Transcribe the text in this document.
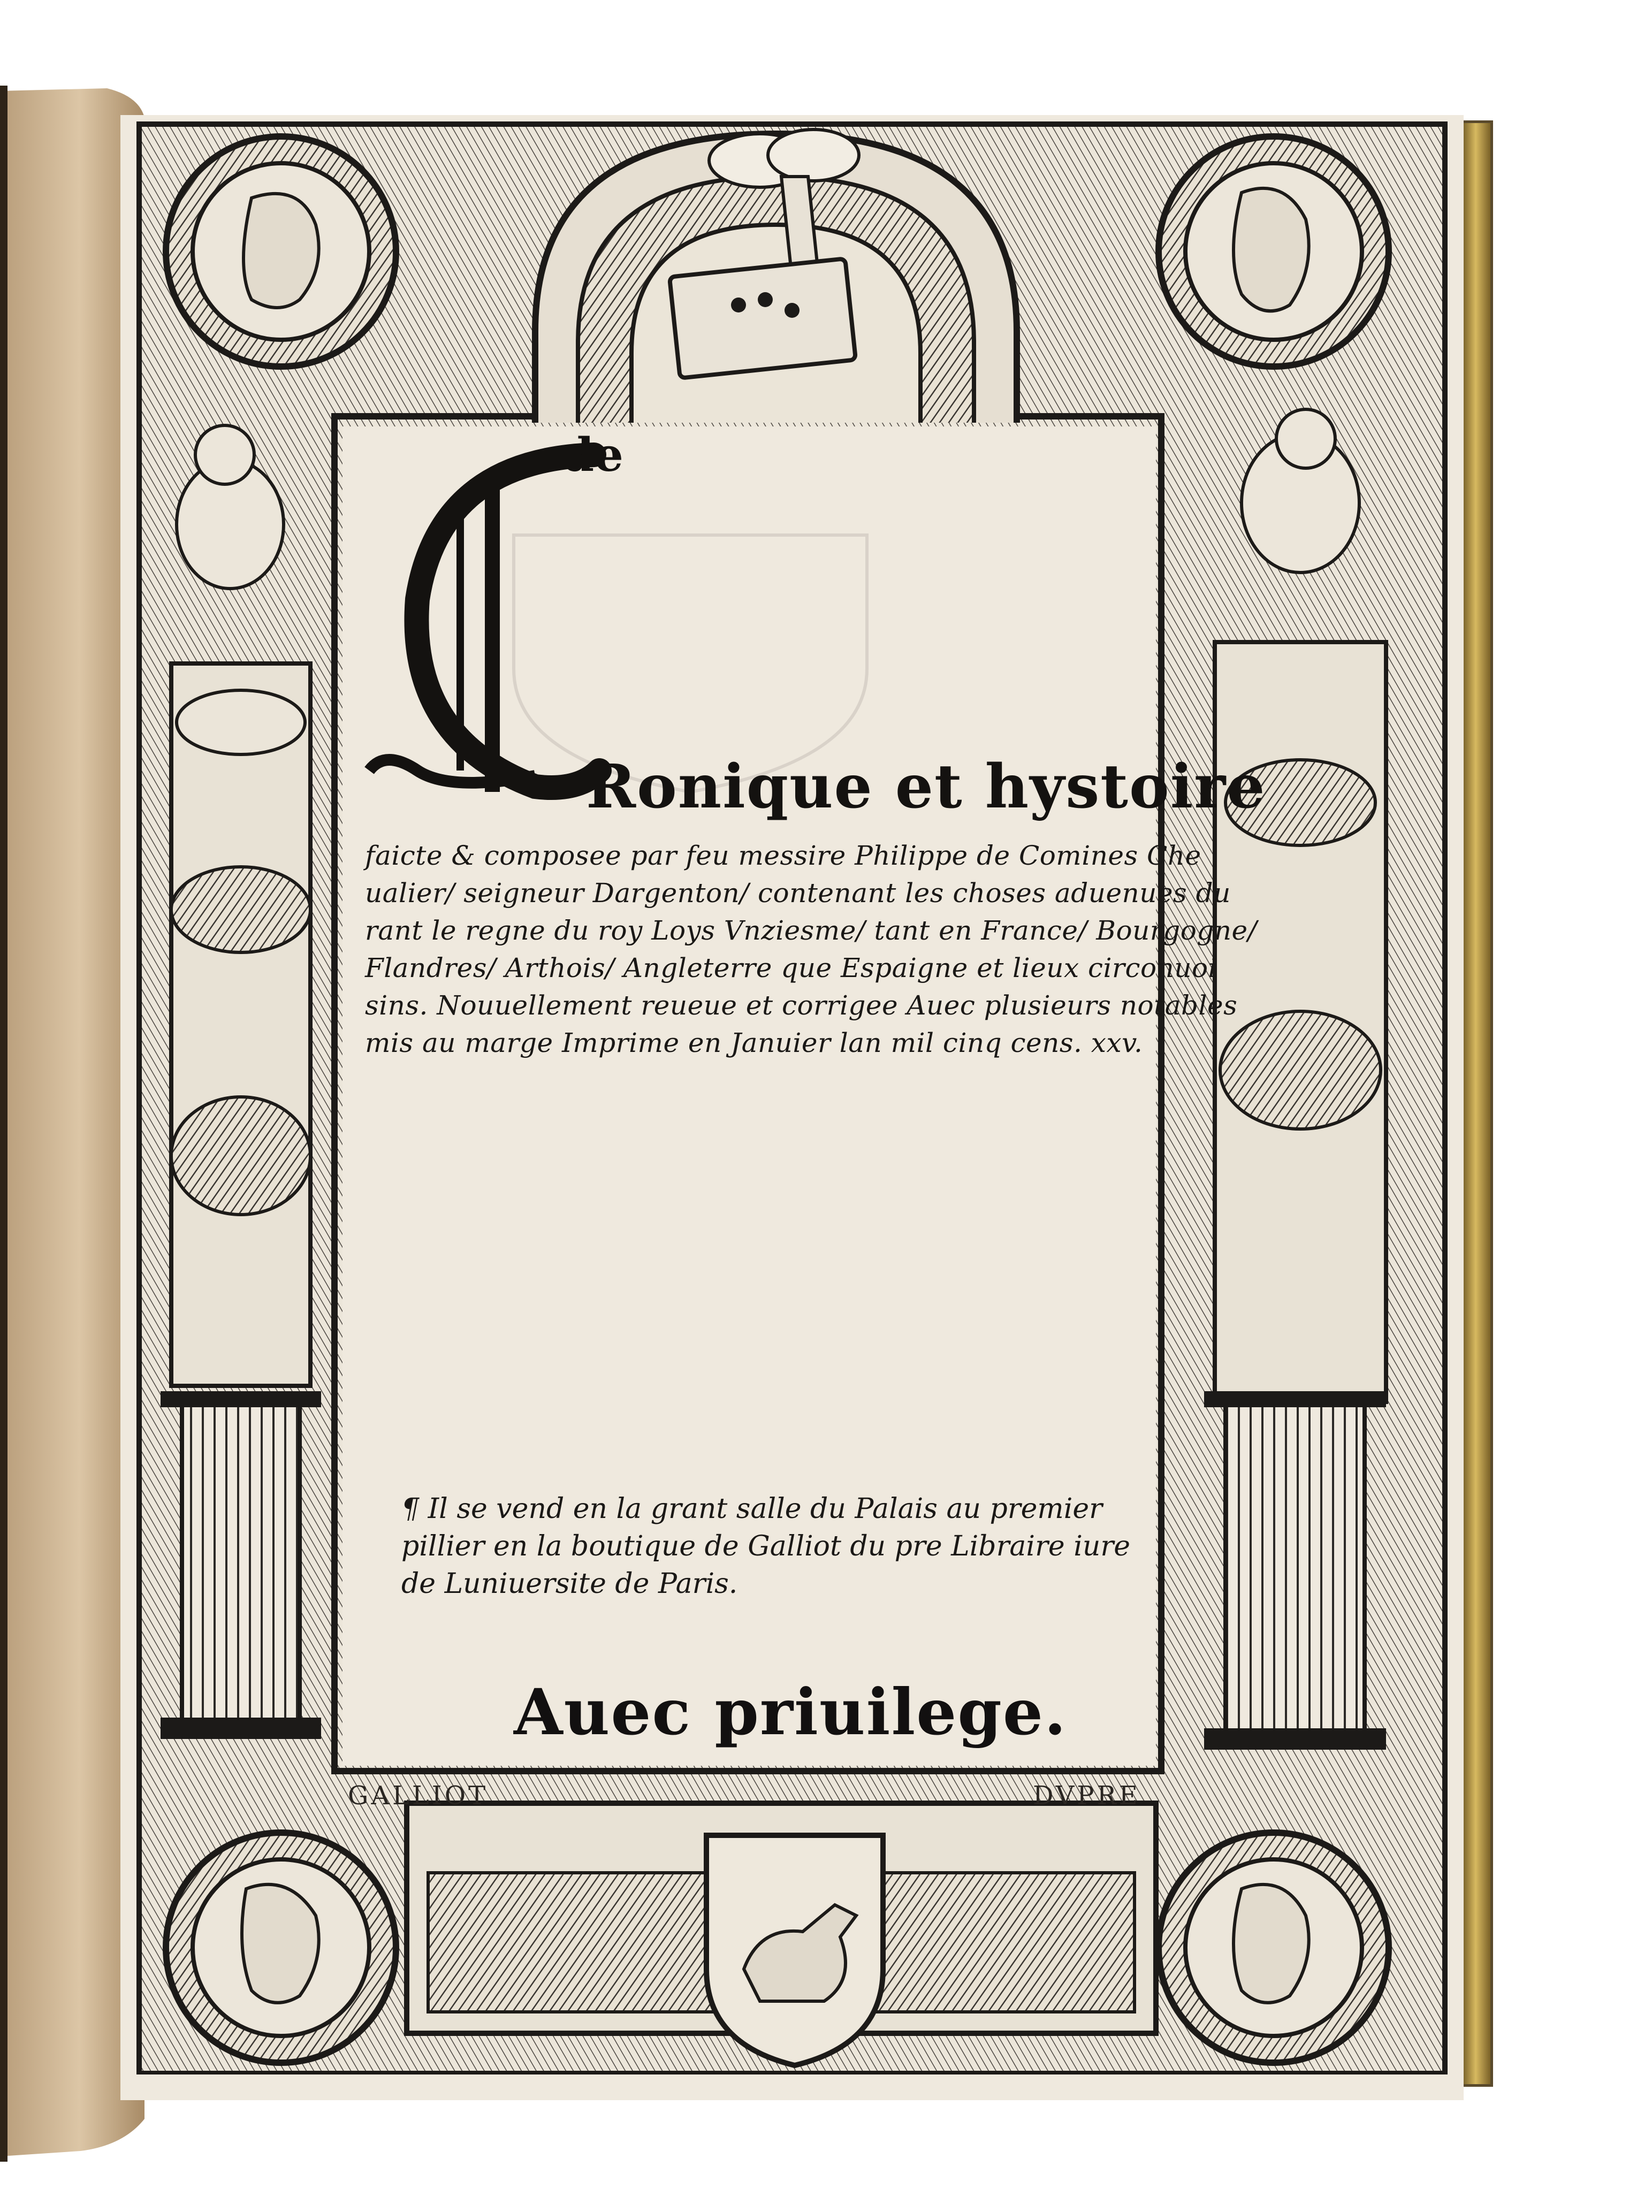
de
Ronique et hystoire
faicte & composee par feu messire Philippe de Comines Che
ualier/ seigneur Dargenton/ contenant les choses aduenues du
rant le regne du roy Loys Vnziesme/ tant en France/ Bourgogne/
Flandres/ Arthois/ Angleterre que Espaigne et lieux circonuoi
sins. Nouuellement reueue et corrigee Auec plusieurs notables
mis au marge Imprime en Januier lan mil cinq cens. xxv.
¶ Il se vend en la grant salle du Palais au premier
pillier en la boutique de Galliot du pre Libraire iure
de Luniuersite de Paris.
Auec priuilege.
GALLIOT	DVPRE
